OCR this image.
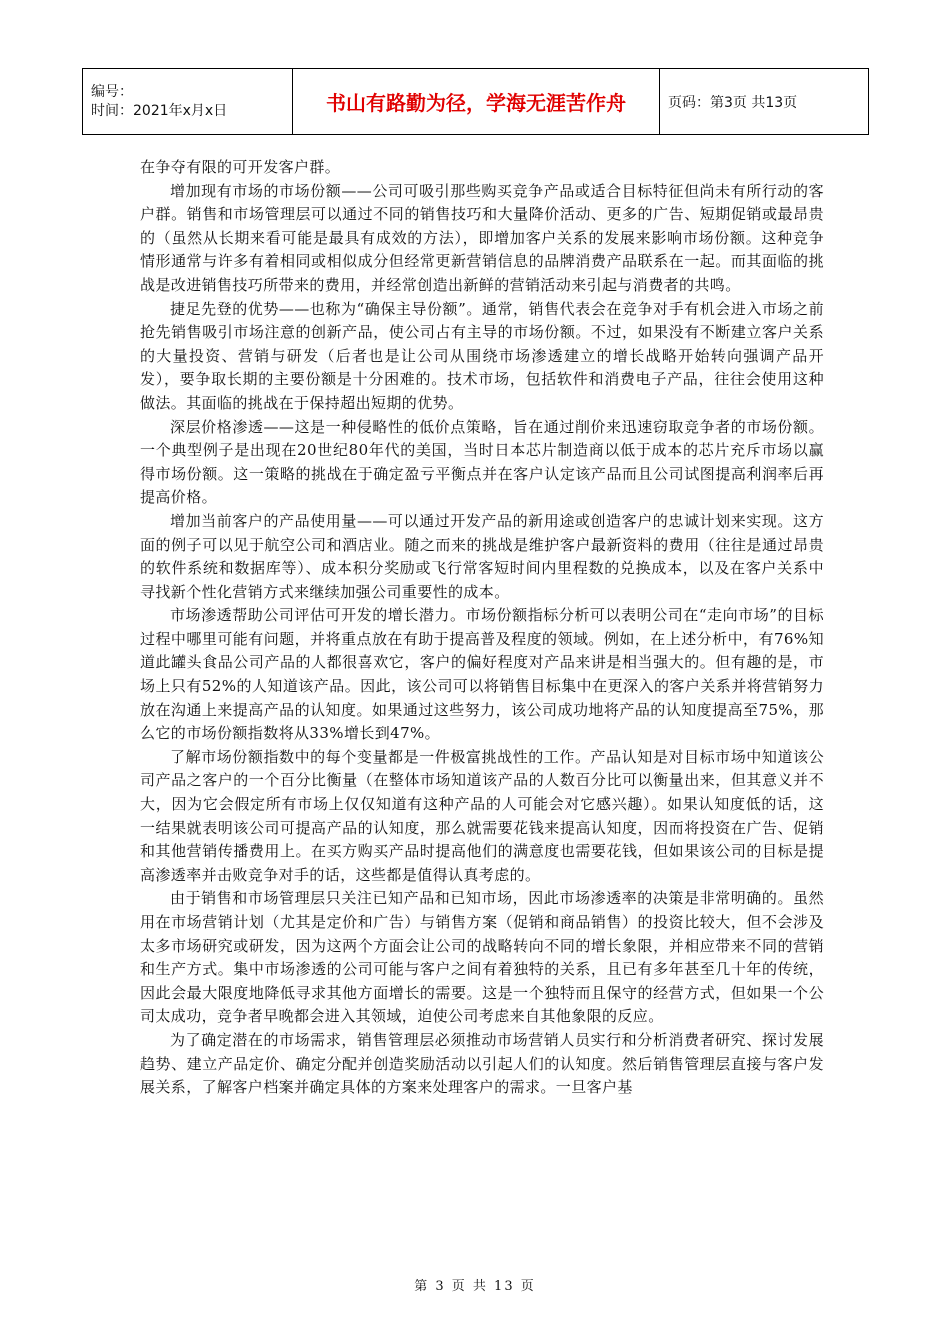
编号：
时间：2021年x月x日	书山有路勤为径，学海无涯苦作舟	页码：第3页 共13页

在争夺有限的可开发客户群。

增加现有市场的市场份额——公司可吸引那些购买竞争产品或适合目标特征但尚未有所行动的客户群。销售和市场管理层可以通过不同的销售技巧和大量降价活动、更多的广告、短期促销或最昂贵的（虽然从长期来看可能是最具有成效的方法），即增加客户关系的发展来影响市场份额。这种竞争情形通常与许多有着相同或相似成分但经常更新营销信息的品牌消费产品联系在一起。而其面临的挑战是改进销售技巧所带来的费用，并经常创造出新鲜的营销活动来引起与消费者的共鸣。

捷足先登的优势——也称为“确保主导份额”。通常，销售代表会在竞争对手有机会进入市场之前抢先销售吸引市场注意的创新产品，使公司占有主导的市场份额。不过，如果没有不断建立客户关系的大量投资、营销与研发（后者也是让公司从围绕市场渗透建立的增长战略开始转向强调产品开发），要争取长期的主要份额是十分困难的。技术市场，包括软件和消费电子产品，往往会使用这种做法。其面临的挑战在于保持超出短期的优势。

深层价格渗透——这是一种侵略性的低价点策略，旨在通过削价来迅速窃取竞争者的市场份额。一个典型例子是出现在20世纪80年代的美国，当时日本芯片制造商以低于成本的芯片充斥市场以赢得市场份额。这一策略的挑战在于确定盈亏平衡点并在客户认定该产品而且公司试图提高利润率后再提高价格。

增加当前客户的产品使用量——可以通过开发产品的新用途或创造客户的忠诚计划来实现。这方面的例子可以见于航空公司和酒店业。随之而来的挑战是维护客户最新资料的费用（往往是通过昂贵的软件系统和数据库等）、成本积分奖励或飞行常客短时间内里程数的兑换成本，以及在客户关系中寻找新个性化营销方式来继续加强公司重要性的成本。

市场渗透帮助公司评估可开发的增长潜力。市场份额指标分析可以表明公司在“走向市场”的目标过程中哪里可能有问题，并将重点放在有助于提高普及程度的领域。例如，在上述分析中，有76%知道此罐头食品公司产品的人都很喜欢它，客户的偏好程度对产品来讲是相当强大的。但有趣的是，市场上只有52%的人知道该产品。因此，该公司可以将销售目标集中在更深入的客户关系并将营销努力放在沟通上来提高产品的认知度。如果通过这些努力，该公司成功地将产品的认知度提高至75%，那么它的市场份额指数将从33%增长到47%。

了解市场份额指数中的每个变量都是一件极富挑战性的工作。产品认知是对目标市场中知道该公司产品之客户的一个百分比衡量（在整体市场知道该产品的人数百分比可以衡量出来，但其意义并不大，因为它会假定所有市场上仅仅知道有这种产品的人可能会对它感兴趣）。如果认知度低的话，这一结果就表明该公司可提高产品的认知度，那么就需要花钱来提高认知度，因而将投资在广告、促销和其他营销传播费用上。在买方购买产品时提高他们的满意度也需要花钱，但如果该公司的目标是提高渗透率并击败竞争对手的话，这些都是值得认真考虑的。

由于销售和市场管理层只关注已知产品和已知市场，因此市场渗透率的决策是非常明确的。虽然用在市场营销计划（尤其是定价和广告）与销售方案（促销和商品销售）的投资比较大，但不会涉及太多市场研究或研发，因为这两个方面会让公司的战略转向不同的增长象限，并相应带来不同的营销和生产方式。集中市场渗透的公司可能与客户之间有着独特的关系，且已有多年甚至几十年的传统，因此会最大限度地降低寻求其他方面增长的需要。这是一个独特而且保守的经营方式，但如果一个公司太成功，竞争者早晚都会进入其领域，迫使公司考虑来自其他象限的反应。

为了确定潜在的市场需求，销售管理层必须推动市场营销人员实行和分析消费者研究、探讨发展趋势、建立产品定价、确定分配并创造奖励活动以引起人们的认知度。然后销售管理层直接与客户发展关系，了解客户档案并确定具体的方案来处理客户的需求。一旦客户基

第 3 页 共 13 页
